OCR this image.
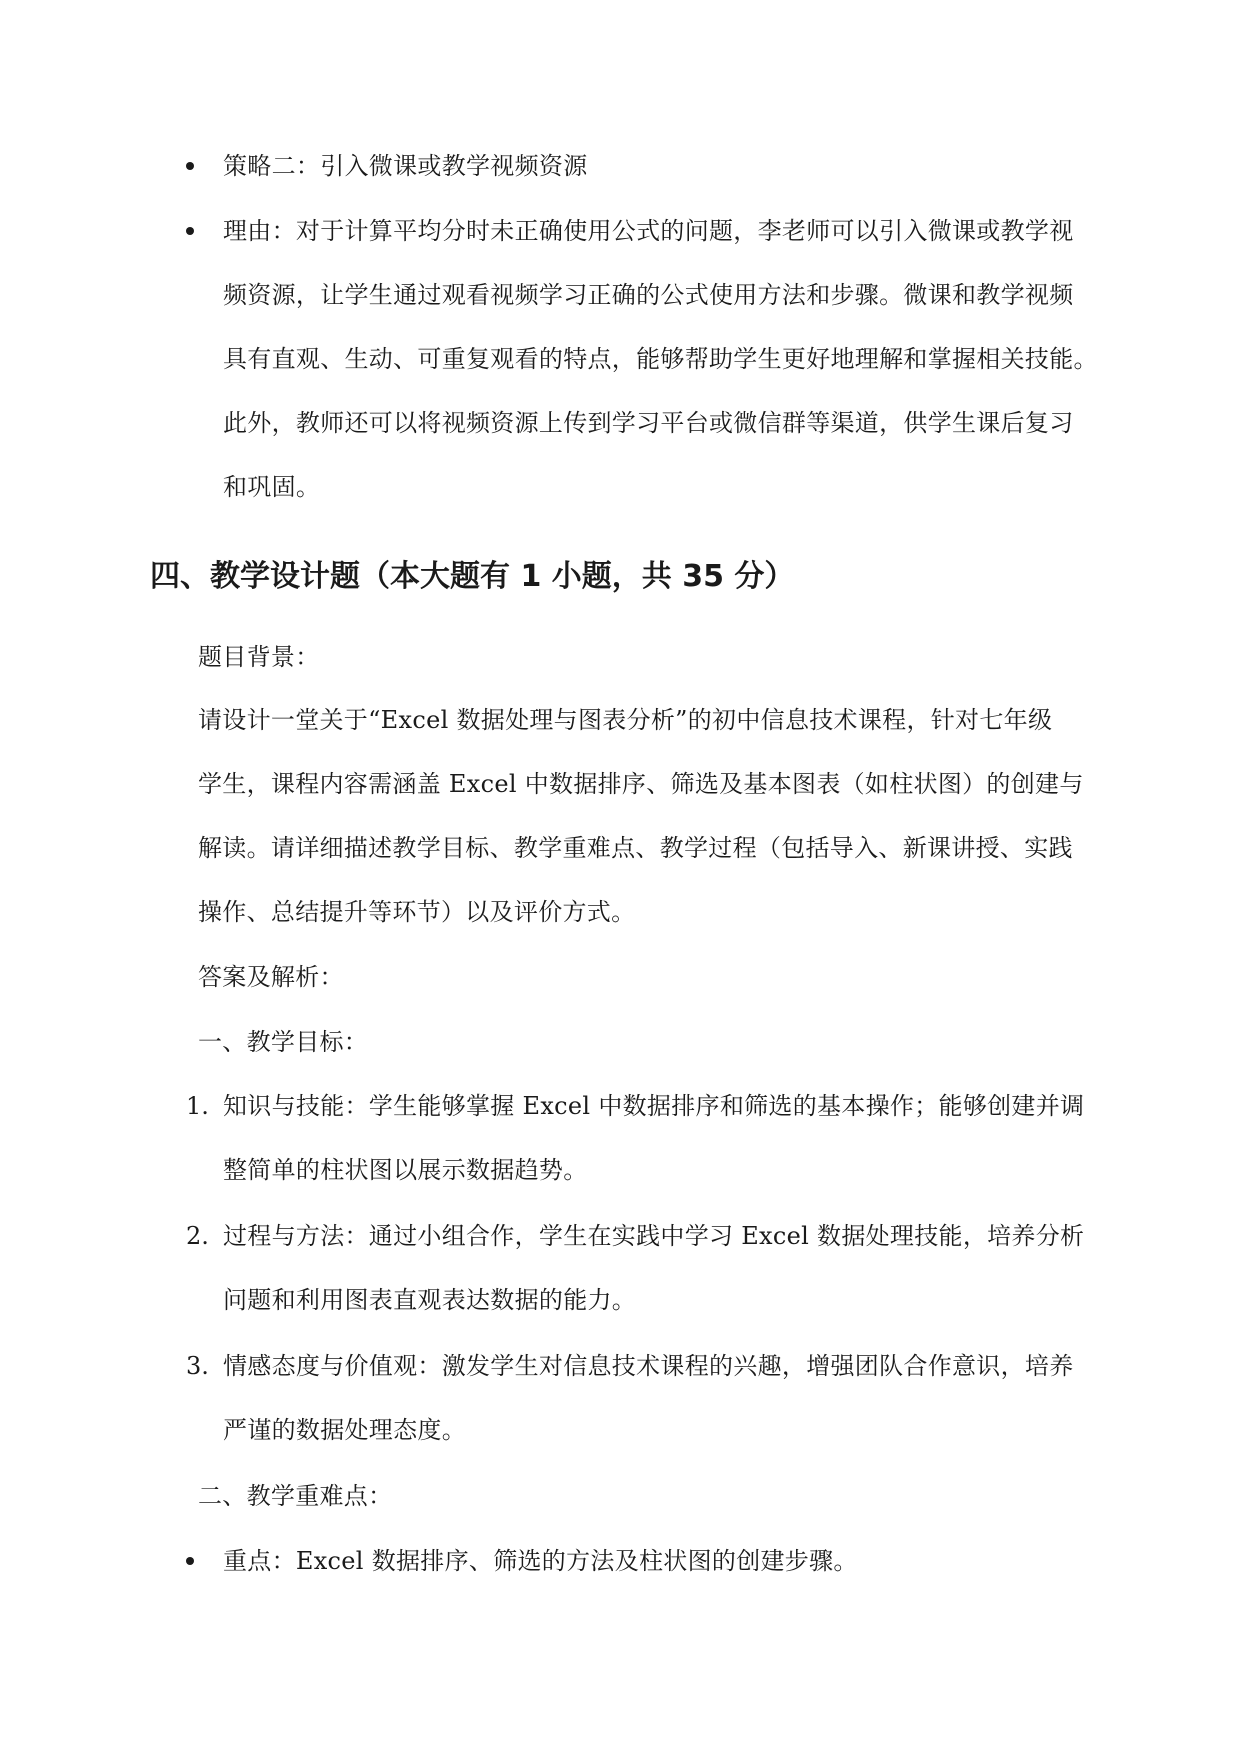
策略二：引入微课或教学视频资源
理由：对于计算平均分时未正确使用公式的问题，李老师可以引入微课或教学视
频资源，让学生通过观看视频学习正确的公式使用方法和步骤。微课和教学视频
具有直观、生动、可重复观看的特点，能够帮助学生更好地理解和掌握相关技能。
此外，教师还可以将视频资源上传到学习平台或微信群等渠道，供学生课后复习
和巩固。
四、教学设计题（本大题有 1 小题，共 35 分）
题目背景：
请设计一堂关于“Excel 数据处理与图表分析”的初中信息技术课程，针对七年级
学生，课程内容需涵盖 Excel 中数据排序、筛选及基本图表（如柱状图）的创建与
解读。请详细描述教学目标、教学重难点、教学过程（包括导入、新课讲授、实践
操作、总结提升等环节）以及评价方式。
答案及解析：
一、教学目标：
1. 知识与技能：学生能够掌握 Excel 中数据排序和筛选的基本操作；能够创建并调
整简单的柱状图以展示数据趋势。
2. 过程与方法：通过小组合作，学生在实践中学习 Excel 数据处理技能，培养分析
问题和利用图表直观表达数据的能力。
3. 情感态度与价值观：激发学生对信息技术课程的兴趣，增强团队合作意识，培养
严谨的数据处理态度。
二、教学重难点：
重点：Excel 数据排序、筛选的方法及柱状图的创建步骤。
